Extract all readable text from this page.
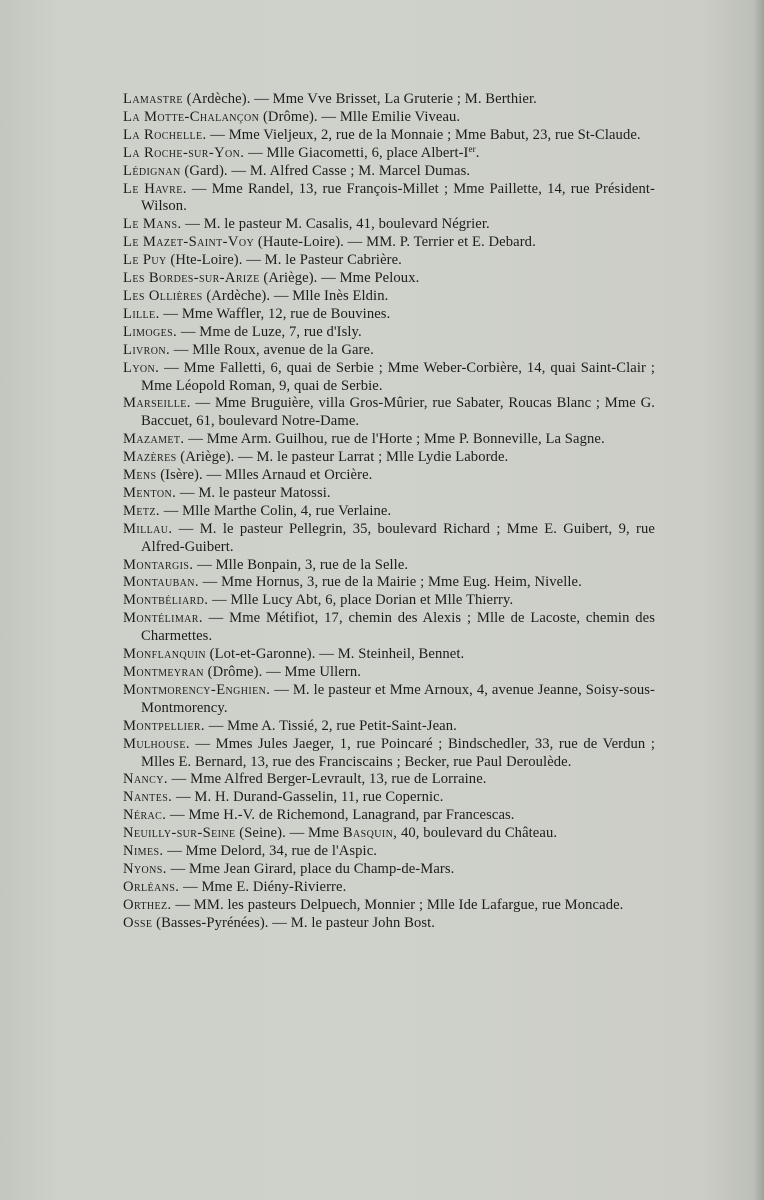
Lamastre (Ardèche). — Mme Vve Brisset, La Gruterie ; M. Berthier.
La Motte-Chalançon (Drôme). — Mlle Emilie Viveau.
La Rochelle. — Mme Vieljeux, 2, rue de la Monnaie ; Mme Babut, 23, rue St-Claude.
La Roche-sur-Yon. — Mlle Giacometti, 6, place Albert-Ier.
Lédignan (Gard). — M. Alfred Casse ; M. Marcel Dumas.
Le Havre. — Mme Randel, 13, rue François-Millet ; Mme Paillette, 14, rue Président-Wilson.
Le Mans. — M. le pasteur M. Casalis, 41, boulevard Négrier.
Le Mazet-Saint-Voy (Haute-Loire). — MM. P. Terrier et E. Debard.
Le Puy (Hte-Loire). — M. le Pasteur Cabrière.
Les Bordes-sur-Arize (Ariège). — Mme Peloux.
Les Ollières (Ardèche). — Mlle Inès Eldin.
Lille. — Mme Waffler, 12, rue de Bouvines.
Limoges. — Mme de Luze, 7, rue d'Isly.
Livron. — Mlle Roux, avenue de la Gare.
Lyon. — Mme Falletti, 6, quai de Serbie ; Mme Weber-Corbière, 14, quai Saint-Clair ; Mme Léopold Roman, 9, quai de Serbie.
Marseille. — Mme Bruguière, villa Gros-Mûrier, rue Sabater, Roucas Blanc ; Mme G. Baccuet, 61, boulevard Notre-Dame.
Mazamet. — Mme Arm. Guilhou, rue de l'Horte ; Mme P. Bonneville, La Sagne.
Mazères (Ariège). — M. le pasteur Larrat ; Mlle Lydie Laborde.
Mens (Isère). — Mlles Arnaud et Orcière.
Menton. — M. le pasteur Matossi.
Metz. — Mlle Marthe Colin, 4, rue Verlaine.
Millau. — M. le pasteur Pellegrin, 35, boulevard Richard ; Mme E. Guibert, 9, rue Alfred-Guibert.
Montargis. — Mlle Bonpain, 3, rue de la Selle.
Montauban. — Mme Hornus, 3, rue de la Mairie ; Mme Eug. Heim, Nivelle.
Montbéliard. — Mlle Lucy Abt, 6, place Dorian et Mlle Thierry.
Montélimar. — Mme Métifiot, 17, chemin des Alexis ; Mlle de Lacoste, chemin des Charmettes.
Monflanquin (Lot-et-Garonne). — M. Steinheil, Bennet.
Montmeyran (Drôme). — Mme Ullern.
Montmorency-Enghien. — M. le pasteur et Mme Arnoux, 4, avenue Jeanne, Soisy-sous-Montmorency.
Montpellier. — Mme A. Tissié, 2, rue Petit-Saint-Jean.
Mulhouse. — Mmes Jules Jaeger, 1, rue Poincaré ; Bindschedler, 33, rue de Verdun ; Mlles E. Bernard, 13, rue des Franciscains ; Becker, rue Paul Deroulède.
Nancy. — Mme Alfred Berger-Levrault, 13, rue de Lorraine.
Nantes. — M. H. Durand-Gasselin, 11, rue Copernic.
Nérac. — Mme H.-V. de Richemond, Lanagrand, par Francescas.
Neuilly-sur-Seine (Seine). — Mme Basquin, 40, boulevard du Château.
Nimes. — Mme Delord, 34, rue de l'Aspic.
Nyons. — Mme Jean Girard, place du Champ-de-Mars.
Orléans. — Mme E. Diény-Rivierre.
Orthez. — MM. les pasteurs Delpuech, Monnier ; Mlle Ide Lafargue, rue Moncade.
Osse (Basses-Pyrénées). — M. le pasteur John Bost.
